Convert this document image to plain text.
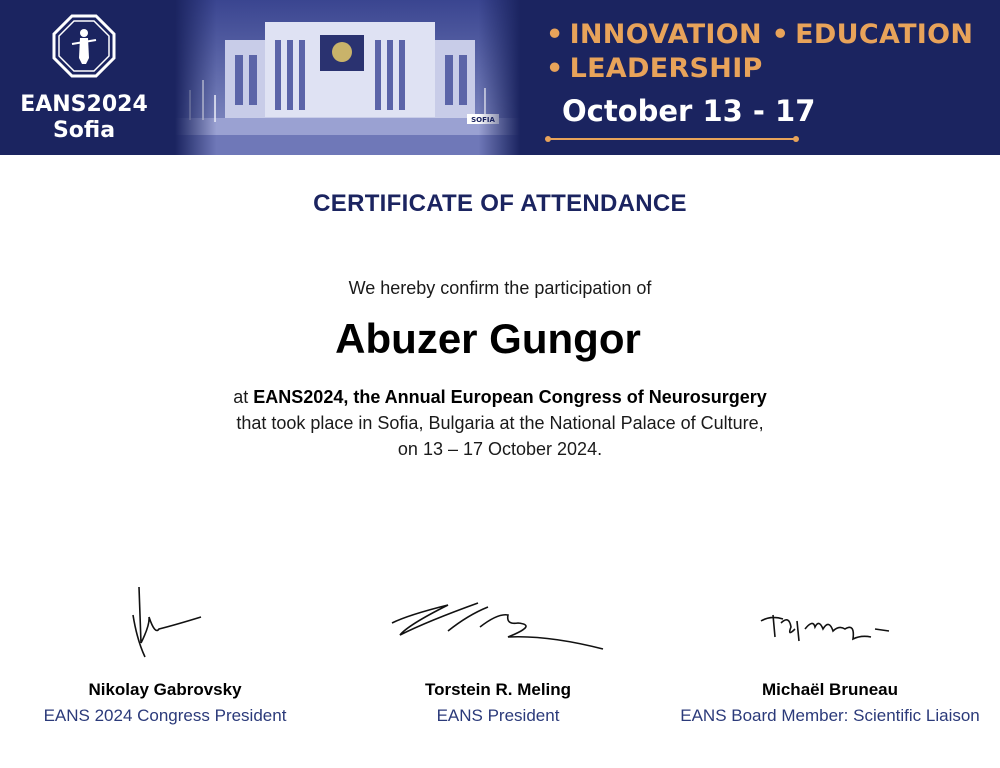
EANS2024
Sofia
• INNOVATION • EDUCATION
• LEADERSHIP
October 13 - 17
CERTIFICATE OF ATTENDANCE
We hereby confirm the participation of
Abuzer Gungor
at EANS2024, the Annual European Congress of Neurosurgery
that took place in Sofia, Bulgaria at the National Palace of Culture,
on 13 – 17 October 2024.
Nikolay Gabrovsky
EANS 2024 Congress President
Torstein R. Meling
EANS President
Michaël Bruneau
EANS Board Member: Scientific Liaison
